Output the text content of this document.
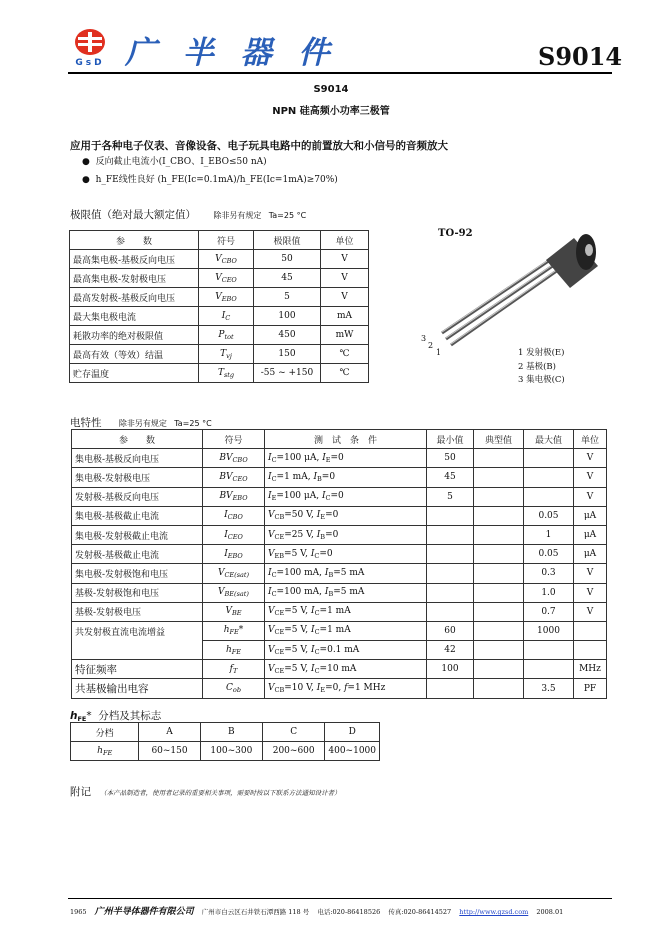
GsD 广 半 器 件	S9014
S9014
NPN 硅高频小功率三极管
应用于各种电子仪表、音像设备、电子玩具电路中的前置放大和小信号的音频放大
●  反向截止电流小(I_CBO、I_EBO≤50 nA)
●  h_FE线性良好 (h_FE(Ic=0.1mA)/h_FE(Ic=1mA)≥70%)
极限值（绝对最大额定值） 除非另有规定 Ta=25 °C
参　　数	符号	极限值	单位
最高集电极-基极反向电压	$V_{CBO}$	50	V
最高集电极-发射极电压	$V_{CEO}$	45	V
最高发射极-基极反向电压	$V_{EBO}$	5	V
最大集电极电流	$I_C$	100	mA
耗散功率的绝对极限值	$P_{tot}$	450	mW
最高有效（等效）结温	$T_{vj}$	150	℃
贮存温度	$T_{stg}$	-55 ~ +150	℃
TO-92
3
2
1	1 发射极(E)
2 基极(B)
3 集电极(C)
电特性 除非另有规定 Ta=25 °C
参　　数	符号	测　试　条　件	最小值	典型值	最大值	单位
集电极-基极反向电压	$BV_{CBO}$	$I_C=100$ μA, $I_E=0$	50			V
集电极-发射极电压	$BV_{CEO}$	$I_C=1$ mA, $I_B=0$	45			V
发射极-基极反向电压	$BV_{EBO}$	$I_E=100$ μA, $I_C=0$	5			V
集电极-基极截止电流	$I_{CBO}$	$V_{CB}=50$ V, $I_E=0$			0.05	μA
集电极-发射极截止电流	$I_{CEO}$	$V_{CE}=25$ V, $I_B=0$			1	μA
发射极-基极截止电流	$I_{EBO}$	$V_{EB}=5$ V, $I_C=0$			0.05	μA
集电极-发射极饱和电压	$V_{CE(sat)}$	$I_C=100$ mA, $I_B=5$ mA			0.3	V
基极-发射极饱和电压	$V_{BE(sat)}$	$I_C=100$ mA, $I_B=5$ mA			1.0	V
基极-发射极电压	$V_{BE}$	$V_{CE}=5$ V, $I_C=1$ mA			0.7	V
共发射极直流电流增益	$h_{FE}*$	$V_{CE}=5$ V, $I_C=1$ mA	60		1000	
	$h_{FE}$	$V_{CE}=5$ V, $I_C=0.1$ mA	42			
特征频率	$f_T$	$V_{CE}=5$ V, $I_C=10$ mA	100			MHz
共基极输出电容	$C_{ob}$	$V_{CB}=10$ V, $I_E=0$, f=1 MHz			3.5	PF
$h_{FE}*$  分档及其标志
分档	A	B	C	D
$h_{FE}$	60~150	100~300	200~600	400~1000
附记 （本产品制造者，使用者记录的重要相关事项，需要时按以下联系方法通知设计者）
1965 广州半导体器件有限公司 广州市白云区石井铁石潭西路 118 号 电话:020-86418526 传真:020-86414527 http://www.gzsd.com 2008.01
